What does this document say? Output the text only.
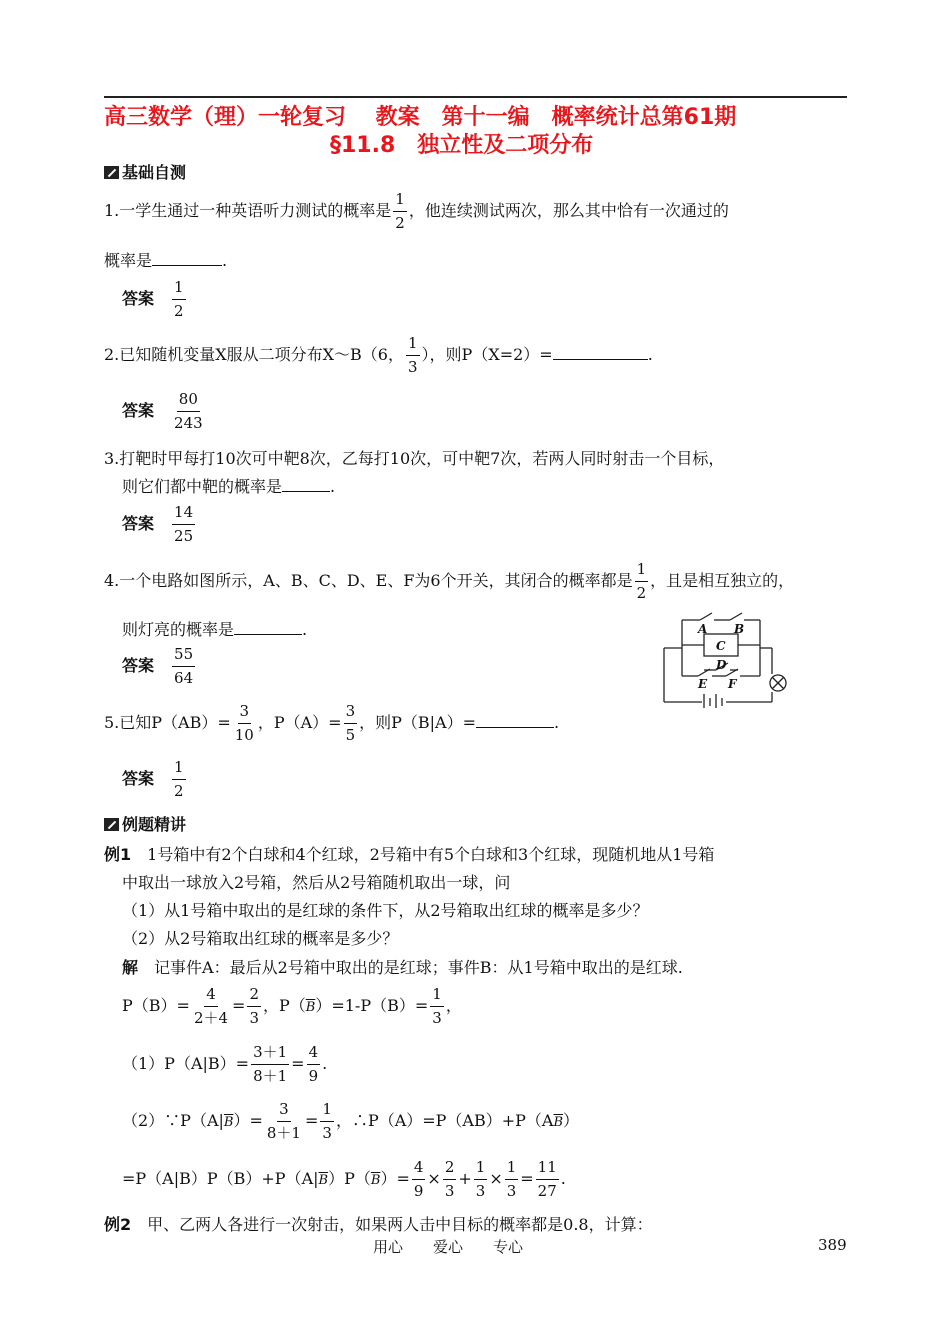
高三数学（理）一轮复习　 教案　第十一编　概率统计总第61期
§11.8　独立性及二项分布
基础自测
1.一学生通过一种英语听力测试的概率是 $\frac{1}{2}$ ，他连续测试两次，那么其中恰有一次通过的
概率是	.
答案　 $\frac{1}{2}$
2.已知随机变量X服从二项分布X～B（6， $\frac{1}{3}$ ），则P（X=2）=	.
答案　 $\frac{80}{243}$
3.打靶时甲每打10次可中靶8次，乙每打10次，可中靶7次，若两人同时射击一个目标，
则它们都中靶的概率是	.
答案　 $\frac{14}{25}$
4.一个电路如图所示，A、B、C、D、E、F为6个开关，其闭合的概率都是 $\frac{1}{2}$ ，且是相互独立的，
则灯亮的概率是	.
答案　 $\frac{55}{64}$
A B
C
D
E F
5.已知$P(AB)= \frac{3}{10}$ ，$P(A)= \frac{3}{5}$ ，则P（B|A）=	.
答案　 $\frac{1}{2}$
例题精讲
例1　1号箱中有2个白球和4个红球，2号箱中有5个白球和3个红球，现随机地从1号箱
中取出一球放入2号箱，然后从2号箱随机取出一球，问
（1）从1号箱中取出的是红球的条件下，从2号箱取出红球的概率是多少？
（2）从2号箱取出红球的概率是多少？
解　记事件A：最后从2号箱中取出的是红球；事件B：从1号箱中取出的是红球.
$P(B)= \frac{4}{2+4} = \frac{2}{3}$ ，$P(\overline{B})=1-P(B)= \frac{1}{3}$ ，
$(1)P(A|B)= \frac{3+1}{8+1} = \frac{4}{9}$ .
$(2)\because P(A|\overline{B})= \frac{3}{8+1} = \frac{1}{3}$ ，$\therefore P(A)=P(AB)+P(A\overline{B})$
$=P(A|B)P(B)+P(A|\overline{B})P(\overline{B})= \frac{4}{9} \times \frac{2}{3} + \frac{1}{3} \times \frac{1}{3} = \frac{11}{27}$ .
例2　甲、乙两人各进行一次射击，如果两人击中目标的概率都是0.8，计算：
用心　　爱心　　专心	389
